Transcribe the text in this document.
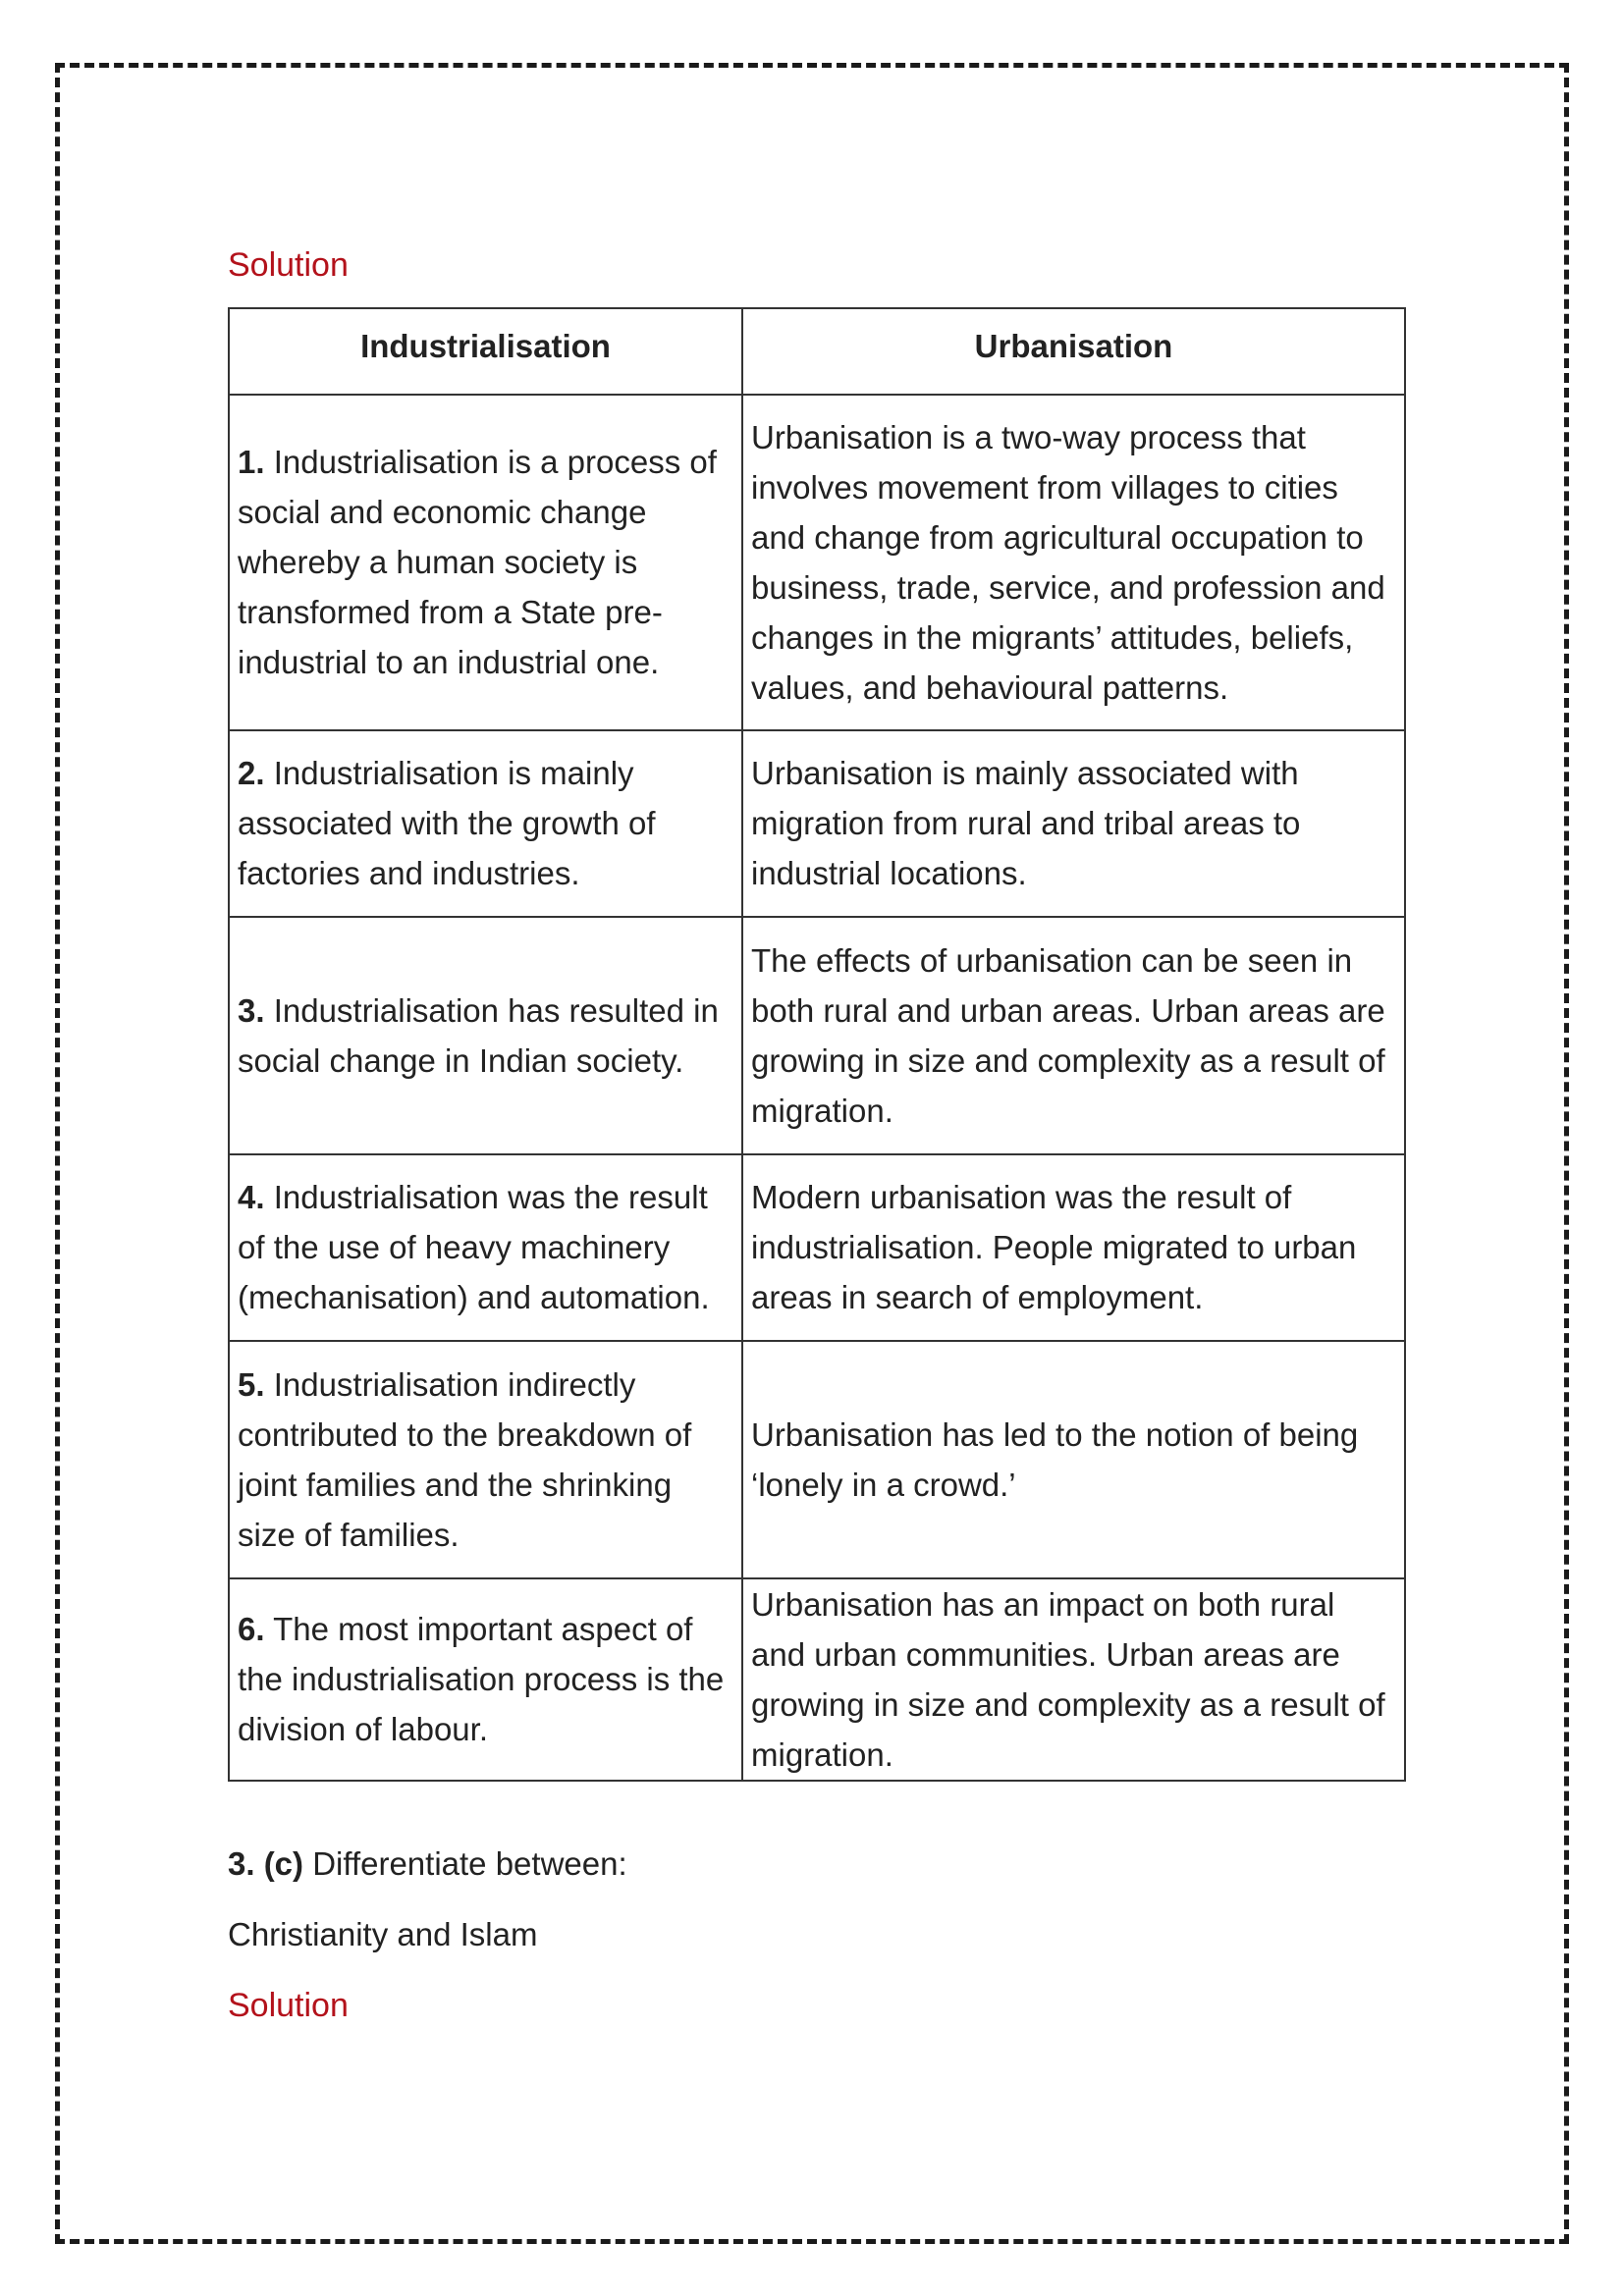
Solution

Industrialisation	Urbanisation
1. Industrialisation is a process of social and economic change whereby a human society is transformed from a State pre-industrial to an industrial one.	Urbanisation is a two-way process that involves movement from villages to cities and change from agricultural occupation to business, trade, service, and profession and changes in the migrants’ attitudes, beliefs, values, and behavioural patterns.
2. Industrialisation is mainly associated with the growth of factories and industries.	Urbanisation is mainly associated with migration from rural and tribal areas to industrial locations.
3. Industrialisation has resulted in social change in Indian society.	The effects of urbanisation can be seen in both rural and urban areas. Urban areas are growing in size and complexity as a result of migration.
4. Industrialisation was the result of the use of heavy machinery (mechanisation) and automation.	Modern urbanisation was the result of industrialisation. People migrated to urban areas in search of employment.
5. Industrialisation indirectly contributed to the breakdown of joint families and the shrinking size of families.	Urbanisation has led to the notion of being ‘lonely in a crowd.’
6. The most important aspect of the industrialisation process is the division of labour.	Urbanisation has an impact on both rural and urban communities. Urban areas are growing in size and complexity as a result of migration.

3. (c) Differentiate between:

Christianity and Islam

Solution
